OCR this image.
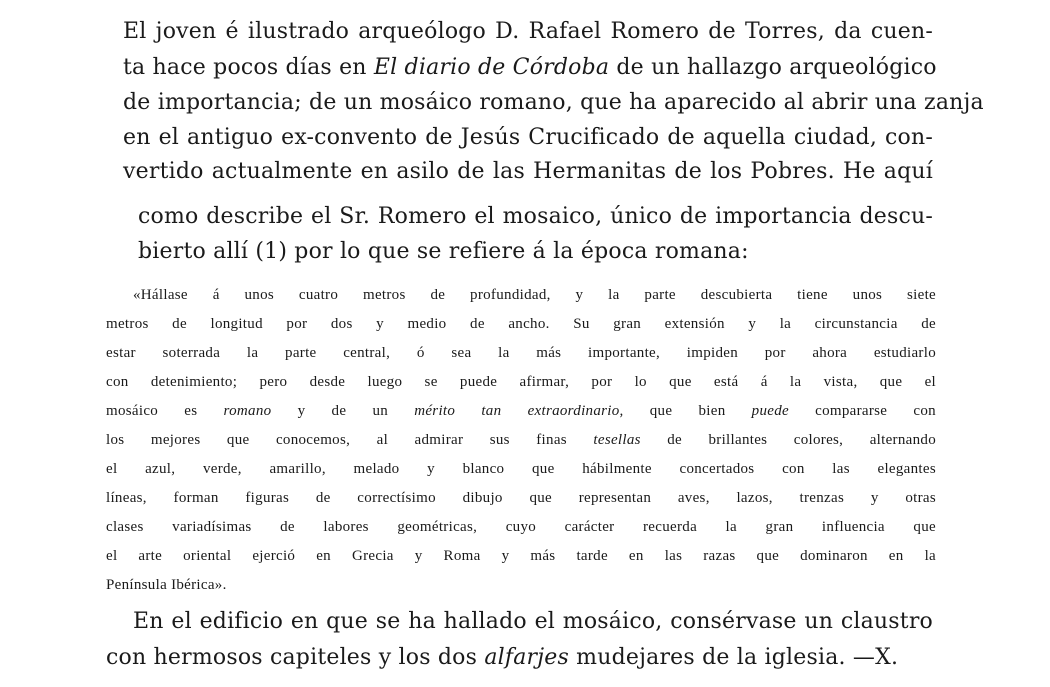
El joven é ilustrado arqueólogo D. Rafael Romero de Torres, da cuen-

ta hace pocos días en El diario de Córdoba de un hallazgo arqueológico

de importancia; de un mosáico romano, que ha aparecido al abrir una zanja

en el antiguo ex-convento de Jesús Crucificado de aquella ciudad, con-

vertido actualmente en asilo de las Hermanitas de los Pobres. He aquí

como describe el Sr. Romero el mosaico, único de importancia descu-

bierto allí (1) por lo que se refiere á la época romana:

«Hállase á unos cuatro metros de profundidad, y la parte descubierta tiene unos siete

metros de longitud por dos y medio de ancho. Su gran extensión y la circunstancia de

estar soterrada la parte central, ó sea la más importante, impiden por ahora estudiarlo

con detenimiento; pero desde luego se puede afirmar, por lo que está á la vista, que el

mosáico es romano y de un mérito tan extraordinario, que bien puede compararse con

los mejores que conocemos, al admirar sus finas tesellas de brillantes colores, alternando

el azul, verde, amarillo, melado y blanco que hábilmente concertados con las elegantes

líneas, forman figuras de correctísimo dibujo que representan aves, lazos, trenzas y otras

clases variadísimas de labores geométricas, cuyo carácter recuerda la gran influencia que

el arte oriental ejerció en Grecia y Roma y más tarde en las razas que dominaron en la

Península Ibérica».

En el edificio en que se ha hallado el mosáico, consérvase un claustro

con hermosos capiteles y los dos alfarjes mudejares de la iglesia. —X.
